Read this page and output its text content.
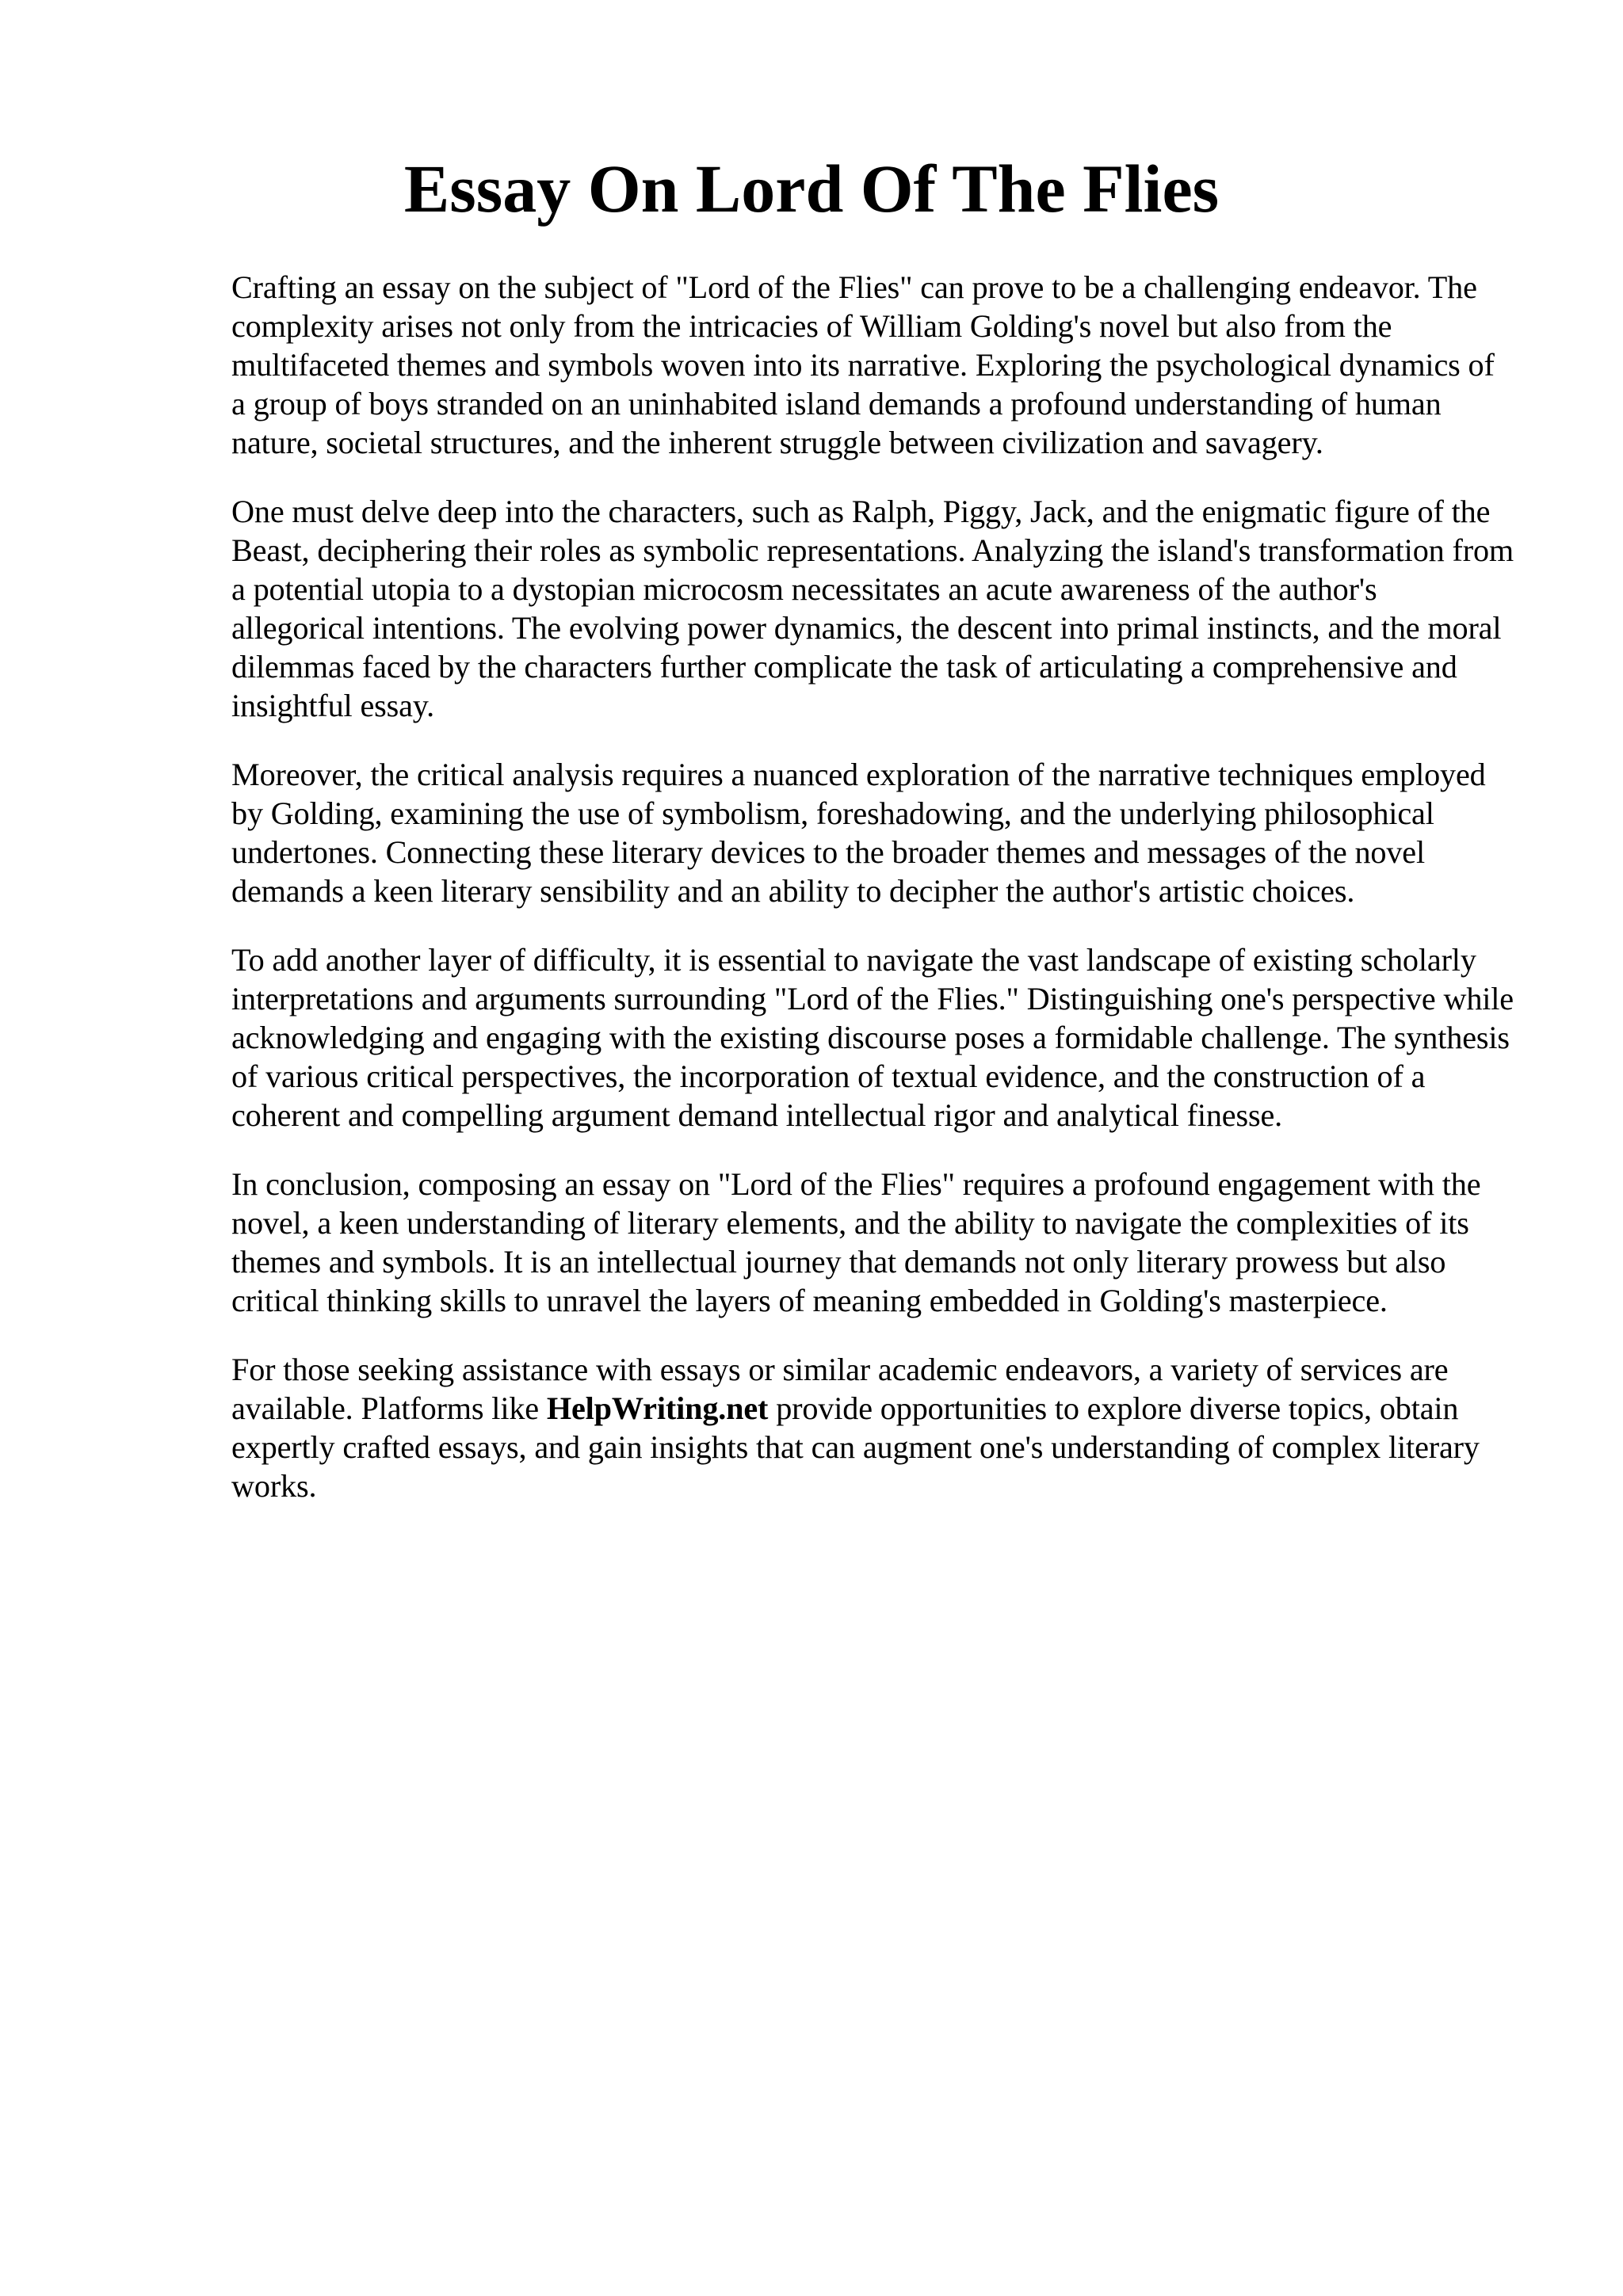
Essay On Lord Of The Flies

Crafting an essay on the subject of "Lord of the Flies" can prove to be a challenging endeavor. The complexity arises not only from the intricacies of William Golding's novel but also from the multifaceted themes and symbols woven into its narrative. Exploring the psychological dynamics of a group of boys stranded on an uninhabited island demands a profound understanding of human nature, societal structures, and the inherent struggle between civilization and savagery.

One must delve deep into the characters, such as Ralph, Piggy, Jack, and the enigmatic figure of the Beast, deciphering their roles as symbolic representations. Analyzing the island's transformation from a potential utopia to a dystopian microcosm necessitates an acute awareness of the author's allegorical intentions. The evolving power dynamics, the descent into primal instincts, and the moral dilemmas faced by the characters further complicate the task of articulating a comprehensive and insightful essay.

Moreover, the critical analysis requires a nuanced exploration of the narrative techniques employed by Golding, examining the use of symbolism, foreshadowing, and the underlying philosophical undertones. Connecting these literary devices to the broader themes and messages of the novel demands a keen literary sensibility and an ability to decipher the author's artistic choices.

To add another layer of difficulty, it is essential to navigate the vast landscape of existing scholarly interpretations and arguments surrounding "Lord of the Flies." Distinguishing one's perspective while acknowledging and engaging with the existing discourse poses a formidable challenge. The synthesis of various critical perspectives, the incorporation of textual evidence, and the construction of a coherent and compelling argument demand intellectual rigor and analytical finesse.

In conclusion, composing an essay on "Lord of the Flies" requires a profound engagement with the novel, a keen understanding of literary elements, and the ability to navigate the complexities of its themes and symbols. It is an intellectual journey that demands not only literary prowess but also critical thinking skills to unravel the layers of meaning embedded in Golding's masterpiece.

For those seeking assistance with essays or similar academic endeavors, a variety of services are available. Platforms like HelpWriting.net provide opportunities to explore diverse topics, obtain expertly crafted essays, and gain insights that can augment one's understanding of complex literary works.
